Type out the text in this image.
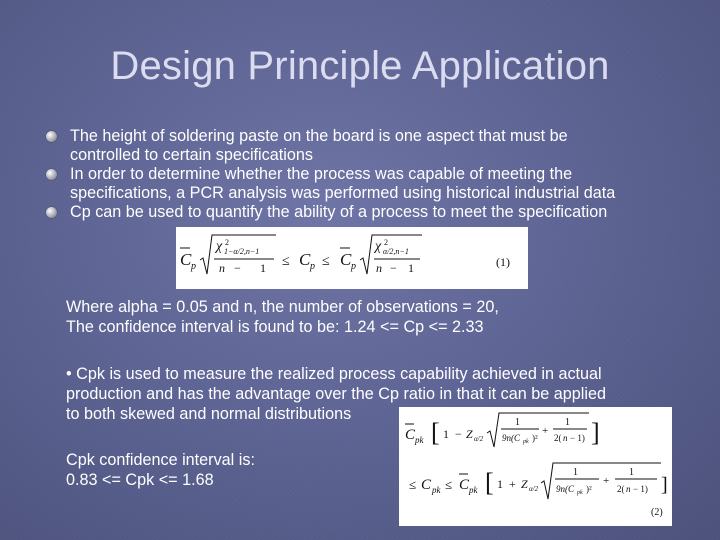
Design Principle Application
The height of soldering paste on the board is one aspect that must be
controlled to certain specifications
In order to determine whether the process was capable of meeting the
specifications, a PCR analysis was performed using historical industrial data
Cp can be used to quantify the ability of a process to meet the specification
C p
χ 2
1−α/2,n−1
n − 1 ≤ C p ≤ C p
χ 2
α/2,n−1
n − 1	(1)
Where alpha = 0.05 and n, the number of observations = 20,
The confidence interval is found to be: 1.24 <= Cp <= 2.33
• Cpk is used to measure the realized process capability achieved in actual
production and has the advantage over the Cp ratio in that it can be applied
to both skewed and normal distributions
Cpk confidence interval is:
0.83 <= Cpk <= 1.68
C pk [ 1 − Z α/2
1
9n(C pk )²
+
1
2( n − 1) ]
≤ C pk ≤ C pk [ 1 + Z α/2
1
9n(C pk )²
+
1
2( n − 1) ]
(2)
